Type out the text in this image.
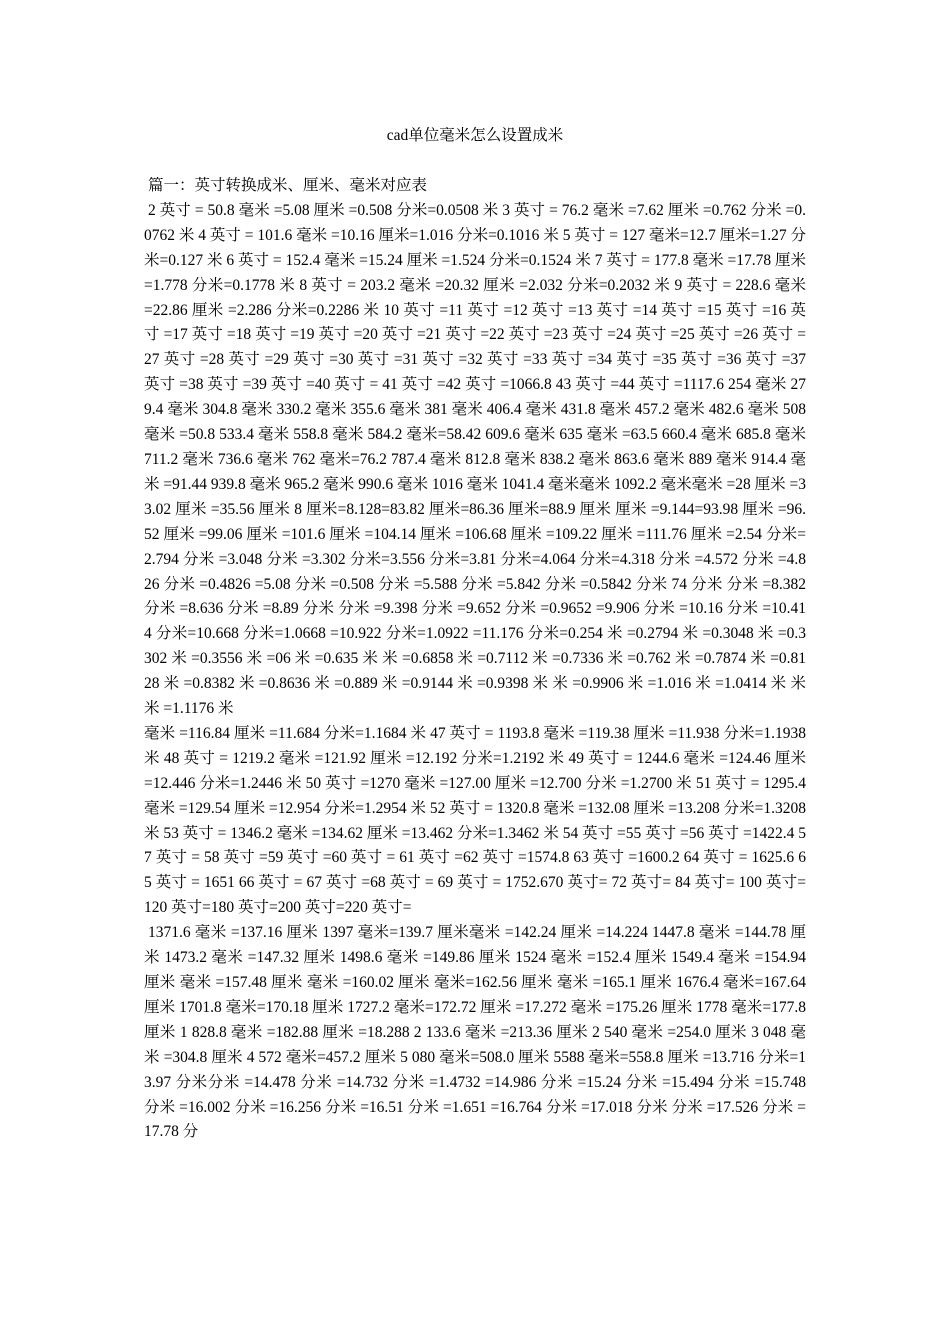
cad单位毫米怎么设置成米

篇一：英寸转换成米、厘米、毫米对应表

2 英寸 = 50.8 毫米 =5.08 厘米 =0.508 分米=0.0508 米 3 英寸 = 76.2 毫米 =7.62 厘米 =0.762 分米 =0.0762 米 4 英寸 = 101.6 毫米 =10.16 厘米=1.016 分米=0.1016 米 5 英寸 = 127 毫米=12.7 厘米=1.27 分米=0.127 米 6 英寸 = 152.4 毫米 =15.24 厘米 =1.524 分米=0.1524 米 7 英寸 = 177.8 毫米 =17.78 厘米 =1.778 分米=0.1778 米 8 英寸 = 203.2 毫米 =20.32 厘米 =2.032 分米=0.2032 米 9 英寸 = 228.6 毫米 =22.86 厘米 =2.286 分米=0.2286 米 10 英寸 =11 英寸 =12 英寸 =13 英寸 =14 英寸 =15 英寸 =16 英寸 =17 英寸 =18 英寸 =19 英寸 =20 英寸 =21 英寸 =22 英寸 =23 英寸 =24 英寸 =25 英寸 =26 英寸 =27 英寸 =28 英寸 =29 英寸 =30 英寸 =31 英寸 =32 英寸 =33 英寸 =34 英寸 =35 英寸 =36 英寸 =37 英寸 =38 英寸 =39 英寸 =40 英寸 = 41 英寸 =42 英寸 =1066.8 43 英寸 =44 英寸 =1117.6 254 毫米 279.4 毫米 304.8 毫米 330.2 毫米 355.6 毫米 381 毫米 406.4 毫米 431.8 毫米 457.2 毫米 482.6 毫米 508 毫米 =50.8 533.4 毫米 558.8 毫米 584.2 毫米=58.42 609.6 毫米 635 毫米 =63.5 660.4 毫米 685.8 毫米 711.2 毫米 736.6 毫米 762 毫米=76.2 787.4 毫米 812.8 毫米 838.2 毫米 863.6 毫米 889 毫米 914.4 毫米 =91.44 939.8 毫米 965.2 毫米 990.6 毫米 1016 毫米 1041.4 毫米毫米 1092.2 毫米毫米 =28 厘米 =33.02 厘米 =35.56 厘米 8 厘米=8.128=83.82 厘米=86.36 厘米=88.9 厘米 厘米 =9.144=93.98 厘米 =96.52 厘米 =99.06 厘米 =101.6 厘米 =104.14 厘米 =106.68 厘米 =109.22 厘米 =111.76 厘米 =2.54 分米=2.794 分米 =3.048 分米 =3.302 分米=3.556 分米=3.81 分米=4.064 分米=4.318 分米 =4.572 分米 =4.826 分米 =0.4826 =5.08 分米 =0.508 分米 =5.588 分米 =5.842 分米 =0.5842 分米 74 分米 分米 =8.382 分米 =8.636 分米 =8.89 分米 分米 =9.398 分米 =9.652 分米 =0.9652 =9.906 分米 =10.16 分米 =10.414 分米=10.668 分米=1.0668 =10.922 分米=1.0922 =11.176 分米=0.254 米 =0.2794 米 =0.3048 米 =0.3302 米 =0.3556 米 =06 米 =0.635 米 米 =0.6858 米 =0.7112 米 =0.7336 米 =0.762 米 =0.7874 米 =0.8128 米 =0.8382 米 =0.8636 米 =0.889 米 =0.9144 米 =0.9398 米 米 =0.9906 米 =1.016 米 =1.0414 米 米 米 =1.1176 米

毫米 =116.84 厘米 =11.684 分米=1.1684 米 47 英寸 = 1193.8 毫米 =119.38 厘米 =11.938 分米=1.1938 米 48 英寸 = 1219.2 毫米 =121.92 厘米 =12.192 分米=1.2192 米 49 英寸 = 1244.6 毫米 =124.46 厘米 =12.446 分米=1.2446 米 50 英寸 =1270 毫米 =127.00 厘米 =12.700 分米 =1.2700 米 51 英寸 = 1295.4 毫米 =129.54 厘米 =12.954 分米=1.2954 米 52 英寸 = 1320.8 毫米 =132.08 厘米 =13.208 分米=1.3208 米 53 英寸 = 1346.2 毫米 =134.62 厘米 =13.462 分米=1.3462 米 54 英寸 =55 英寸 =56 英寸 =1422.4 57 英寸 = 58 英寸 =59 英寸 =60 英寸 = 61 英寸 =62 英寸 =1574.8 63 英寸 =1600.2 64 英寸 = 1625.6 65 英寸 = 1651 66 英寸 = 67 英寸 =68 英寸 = 69 英寸 = 1752.670 英寸= 72 英寸= 84 英寸= 100 英寸=120 英寸=180 英寸=200 英寸=220 英寸=

1371.6 毫米 =137.16 厘米 1397 毫米=139.7 厘米毫米 =142.24 厘米 =14.224 1447.8 毫米 =144.78 厘米 1473.2 毫米 =147.32 厘米 1498.6 毫米 =149.86 厘米 1524 毫米 =152.4 厘米 1549.4 毫米 =154.94 厘米 毫米 =157.48 厘米 毫米 =160.02 厘米 毫米=162.56 厘米 毫米 =165.1 厘米 1676.4 毫米=167.64 厘米 1701.8 毫米=170.18 厘米 1727.2 毫米=172.72 厘米 =17.272 毫米 =175.26 厘米 1778 毫米=177.8 厘米 1 828.8 毫米 =182.88 厘米 =18.288 2 133.6 毫米 =213.36 厘米 2 540 毫米 =254.0 厘米 3 048 毫米 =304.8 厘米 4 572 毫米=457.2 厘米 5 080 毫米=508.0 厘米 5588 毫米=558.8 厘米 =13.716 分米=13.97 分米分米 =14.478 分米 =14.732 分米 =1.4732 =14.986 分米 =15.24 分米 =15.494 分米 =15.748 分米 =16.002 分米 =16.256 分米 =16.51 分米 =1.651 =16.764 分米 =17.018 分米 分米 =17.526 分米 =17.78 分
